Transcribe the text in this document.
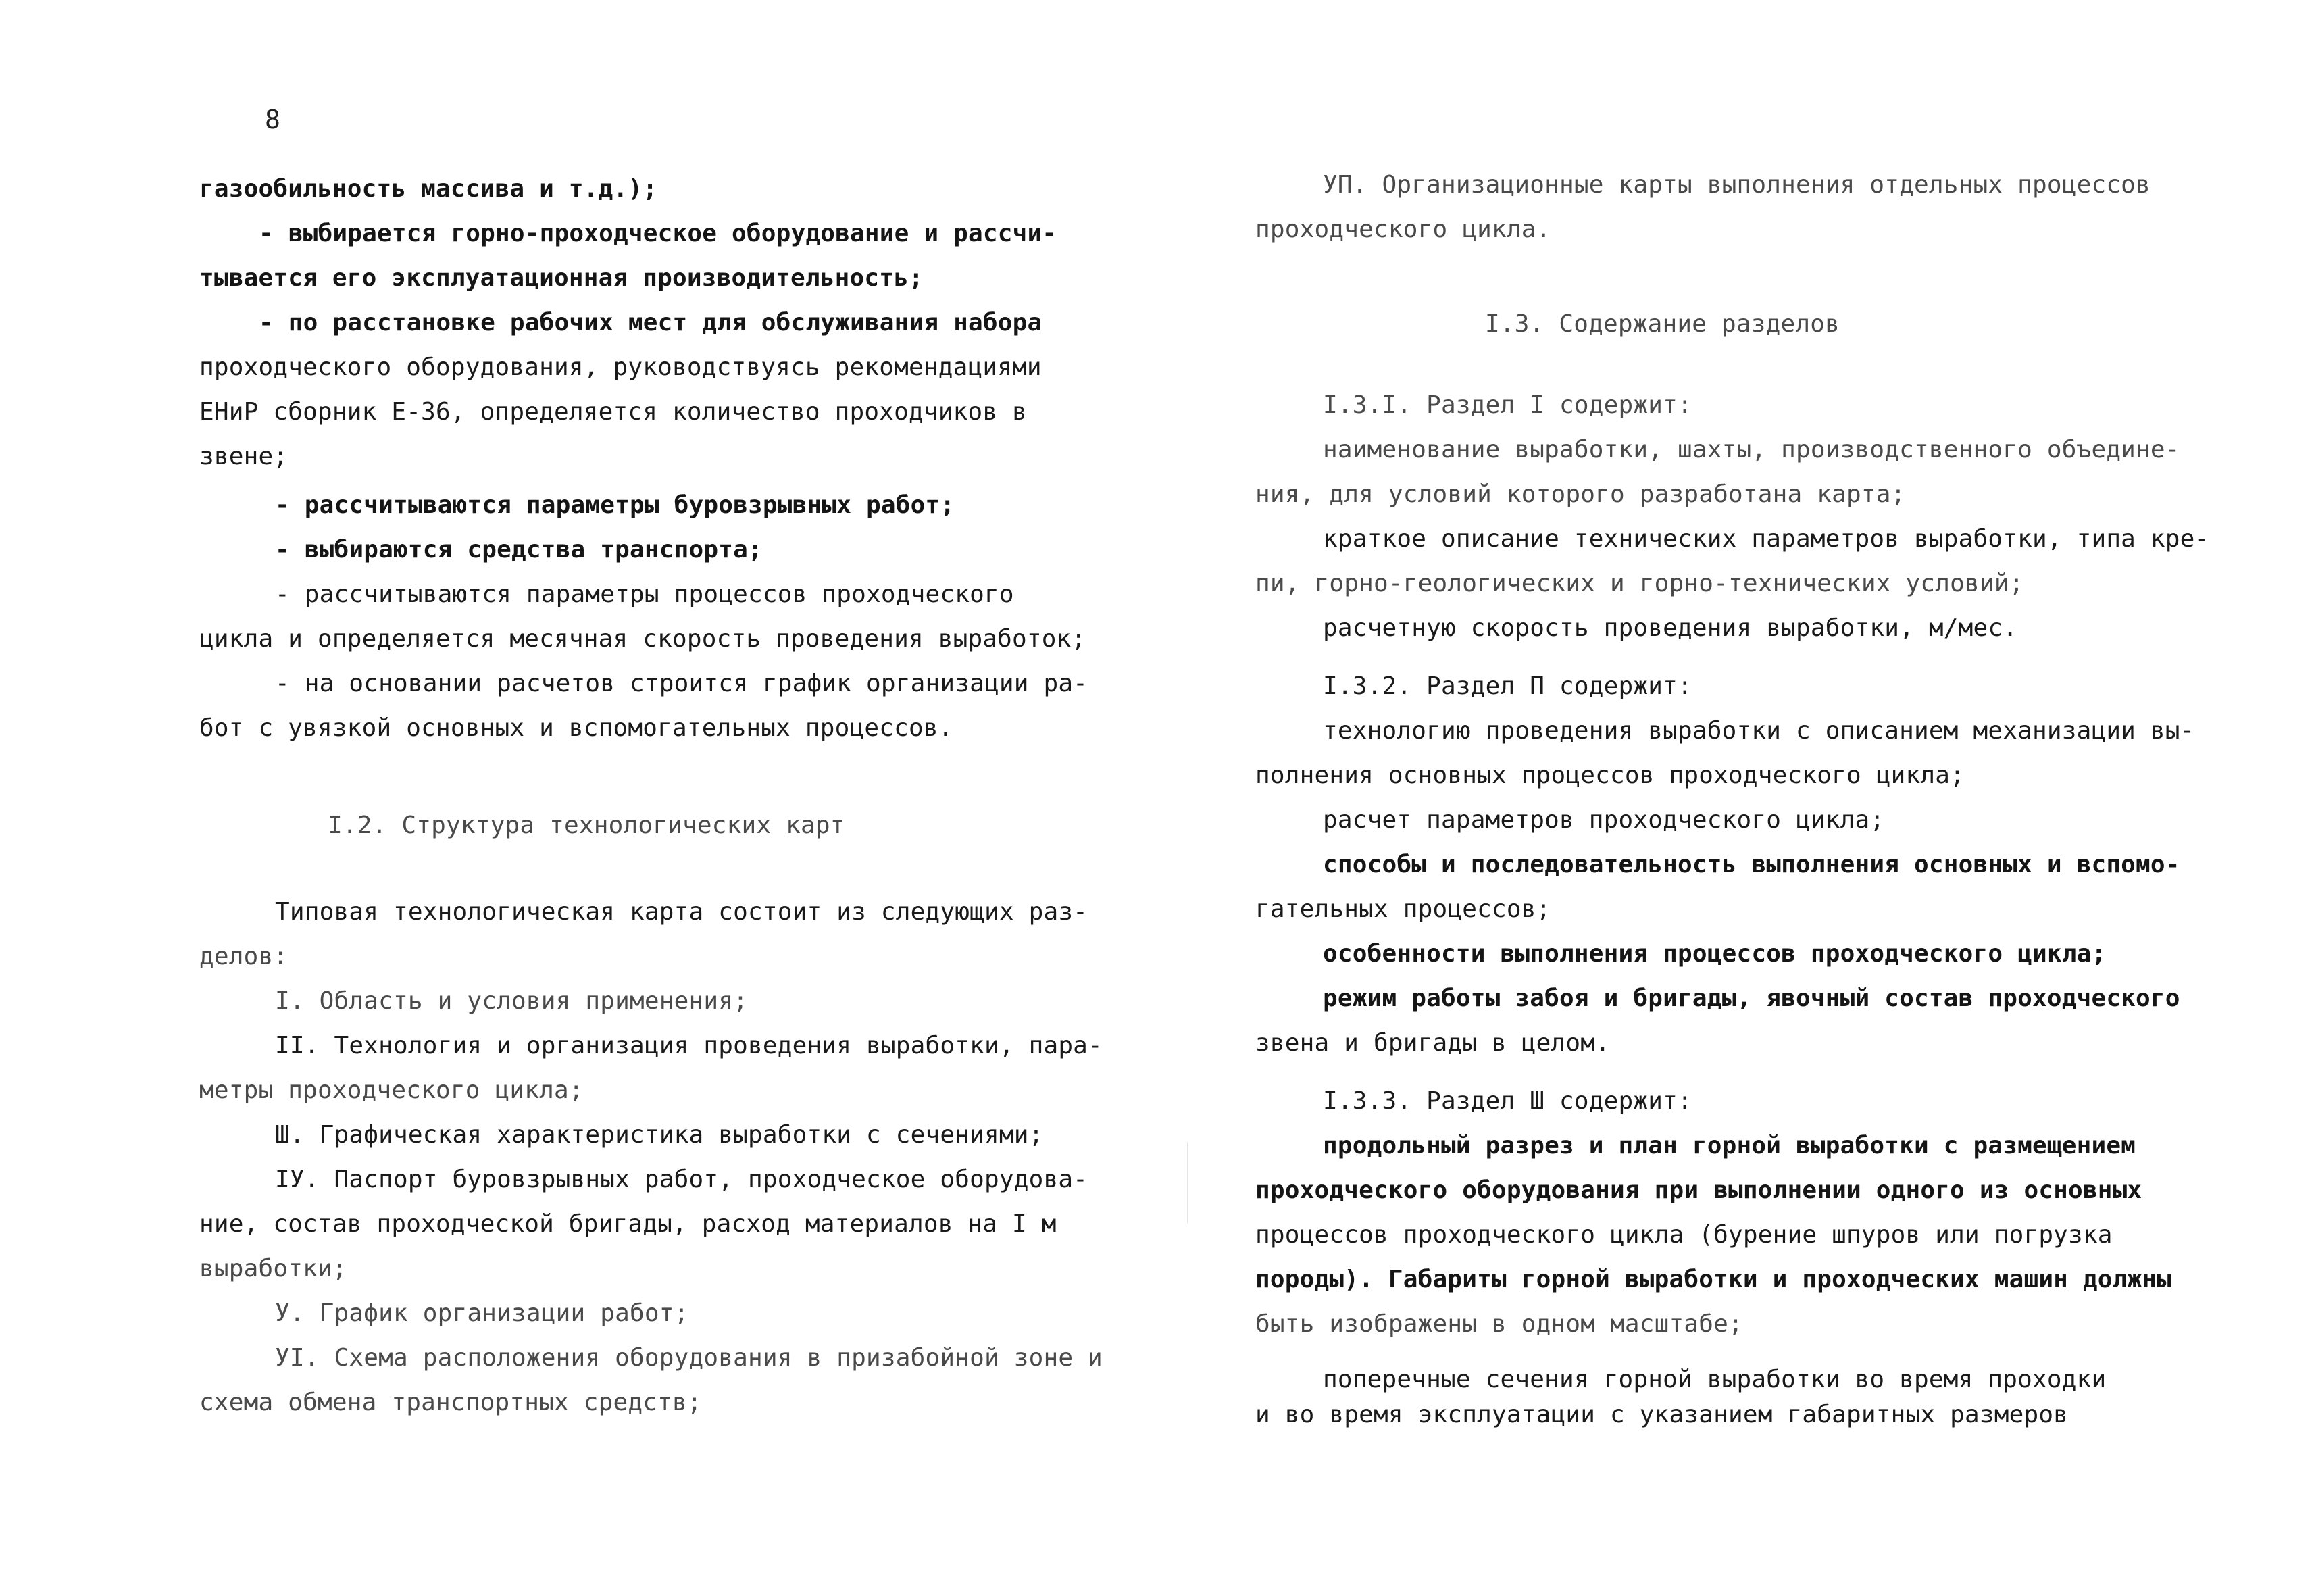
8
газообильность массива и т.д.);
- выбирается горно-проходческое оборудование и рассчи-
тывается его эксплуатационная производительность;
- по расстановке рабочих мест для обслуживания набора
проходческого оборудования, руководствуясь рекомендациями
ЕНиР сборник Е-36, определяется количество проходчиков в
звене;
- рассчитываются параметры буровзрывных работ;
- выбираются средства транспорта;
- рассчитываются параметры процессов проходческого
цикла и определяется месячная скорость проведения выработок;
- на основании расчетов строится график организации ра-
бот с увязкой основных и вспомогательных процессов.
I.2. Структура технологических карт
Типовая технологическая карта состоит из следующих раз-
делов:
I. Область и условия применения;
II. Технология и организация проведения выработки, пара-
метры проходческого цикла;
Ш. Графическая характеристика выработки с сечениями;
IУ. Паспорт буровзрывных работ, проходческое оборудова-
ние, состав проходческой бригады, расход материалов на I м
выработки;
У. График организации работ;
УI. Схема расположения оборудования в призабойной зоне и
схема обмена транспортных средств;
УП. Организационные карты выполнения отдельных процессов
проходческого цикла.
I.3. Содержание разделов
I.3.I. Раздел I содержит:
наименование выработки, шахты, производственного объедине-
ния, для условий которого разработана карта;
краткое описание технических параметров выработки, типа кре-
пи, горно-геологических и горно-технических условий;
расчетную скорость проведения выработки, м/мес.
I.3.2. Раздел П содержит:
технологию проведения выработки с описанием механизации вы-
полнения основных процессов проходческого цикла;
расчет параметров проходческого цикла;
способы и последовательность выполнения основных и вспомо-
гательных процессов;
особенности выполнения процессов проходческого цикла;
режим работы забоя и бригады, явочный состав проходческого
звена и бригады в целом.
I.3.3. Раздел Ш содержит:
продольный разрез и план горной выработки с размещением
проходческого оборудования при выполнении одного из основных
процессов проходческого цикла (бурение шпуров или погрузка
породы). Габариты горной выработки и проходческих машин должны
быть изображены в одном масштабе;
поперечные сечения горной выработки во время проходки
и во время эксплуатации с указанием габаритных размеров
